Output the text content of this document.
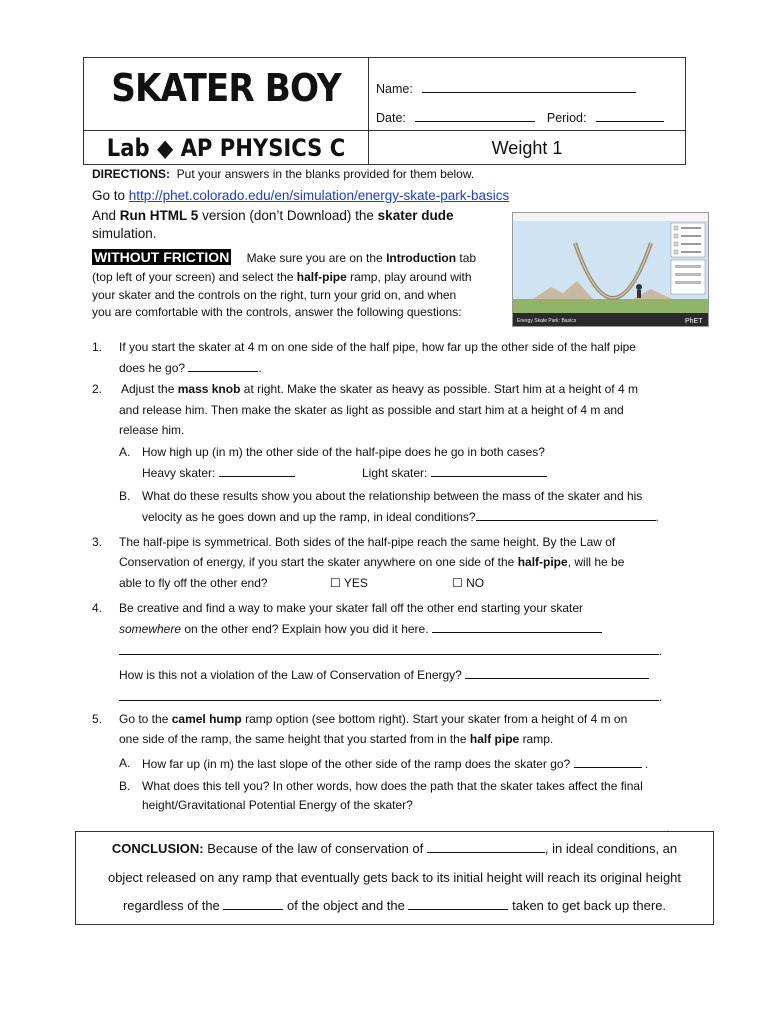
SKATER BOY
Lab ◆ AP PHYSICS C
Name:
Date:	Period:
Weight 1
DIRECTIONS: Put your answers in the blanks provided for them below.
Go to http://phet.colorado.edu/en/simulation/energy-skate-park-basics
And Run HTML 5 version (don’t Download) the skater dude
simulation.
WITHOUT FRICTION Make sure you are on the Introduction tab
(top left of your screen) and select the half-pipe ramp, play around with
your skater and the controls on the right, turn your grid on, and when
you are comfortable with the controls, answer the following questions:
Energy Skate Park: Basics	PhET
1. If you start the skater at 4 m on one side of the half pipe, how far up the other side of the half pipe
does he go?	.
2. Adjust the mass knob at right. Make the skater as heavy as possible. Start him at a height of 4 m
and release him. Then make the skater as light as possible and start him at a height of 4 m and
release him.
A. How high up (in m) the other side of the half-pipe does he go in both cases?
Heavy skater:	Light skater:
B. What do these results show you about the relationship between the mass of the skater and his
velocity as he goes down and up the ramp, in ideal conditions?	.
3. The half-pipe is symmetrical. Both sides of the half-pipe reach the same height. By the Law of
Conservation of energy, if you start the skater anywhere on one side of the half-pipe, will he be
able to fly off the other end?	☐ YES	☐ NO
4. Be creative and find a way to make your skater fall off the other end starting your skater
somewhere on the other end? Explain how you did it here.
.
How is this not a violation of the Law of Conservation of Energy?
.
5. Go to the camel hump ramp option (see bottom right). Start your skater from a height of 4 m on
one side of the ramp, the same height that you started from in the half pipe ramp.
A. How far up (in m) the last slope of the other side of the ramp does the skater go?	.
B. What does this tell you? In other words, how does the path that the skater takes affect the final
height/Gravitational Potential Energy of the skater?
.
CONCLUSION: Because of the law of conservation of	, in ideal conditions, an
object released on any ramp that eventually gets back to its initial height will reach its original height
regardless of the	of the object and the	taken to get back up there.
